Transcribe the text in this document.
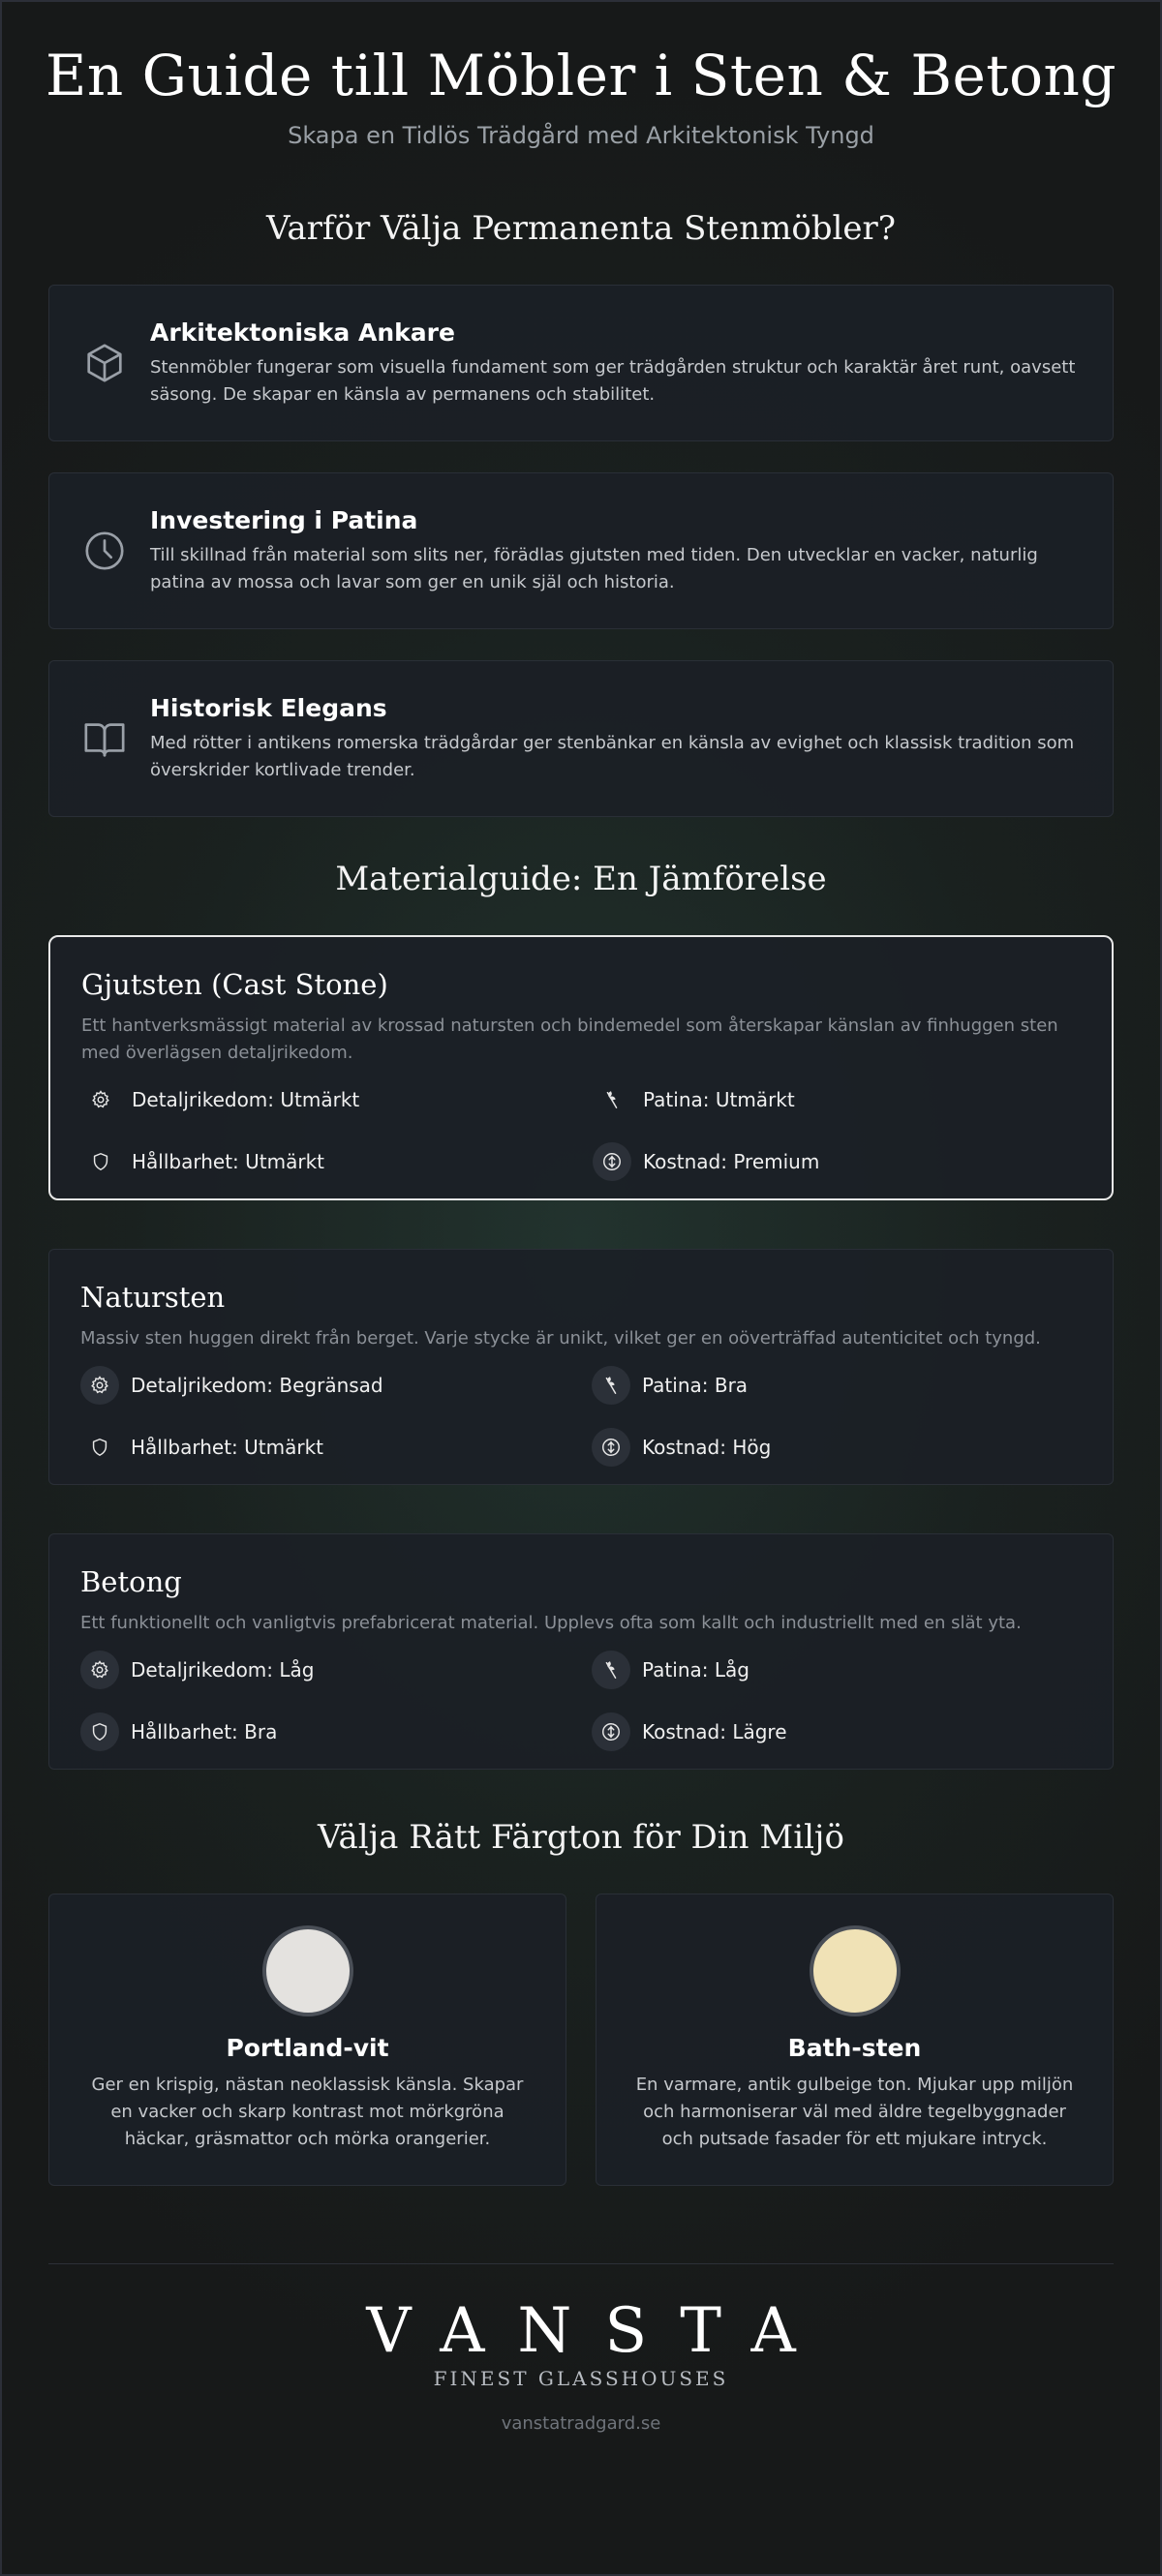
En Guide till Möbler i Sten & Betong
Skapa en Tidlös Trädgård med Arkitektonisk Tyngd
Varför Välja Permanenta Stenmöbler?
Arkitektoniska Ankare

Stenmöbler fungerar som visuella fundament som ger trädgården struktur och karaktär året runt, oavsett säsong. De skapar en känsla av permanens och stabilitet.

Investering i Patina

Till skillnad från material som slits ner, förädlas gjutsten med tiden. Den utvecklar en vacker, naturlig patina av mossa och lavar som ger en unik själ och historia.

Historisk Elegans

Med rötter i antikens romerska trädgårdar ger stenbänkar en känsla av evighet och klassisk tradition som överskrider kortlivade trender.

Materialguide: En Jämförelse
Gjutsten (Cast Stone)

Ett hantverksmässigt material av krossad natursten och bindemedel som återskapar känslan av finhuggen sten med överlägsen detaljrikedom.

Detaljrikedom: Utmärkt	Patina: Utmärkt
Hållbarhet: Utmärkt	Kostnad: Premium
Natursten

Massiv sten huggen direkt från berget. Varje stycke är unikt, vilket ger en oöverträffad autenticitet och tyngd.

Detaljrikedom: Begränsad	Patina: Bra
Hållbarhet: Utmärkt	Kostnad: Hög
Betong

Ett funktionellt och vanligtvis prefabricerat material. Upplevs ofta som kallt och industriellt med en slät yta.

Detaljrikedom: Låg	Patina: Låg
Hållbarhet: Bra	Kostnad: Lägre
Välja Rätt Färgton för Din Miljö
Portland-vit

Ger en krispig, nästan neoklassisk känsla. Skapar en vacker och skarp kontrast mot mörkgröna häckar, gräsmattor och mörka orangerier.

Bath-sten

En varmare, antik gulbeige ton. Mjukar upp miljön och harmoniserar väl med äldre tegelbyggnader och putsade fasader för ett mjukare intryck.

VANSTA
FINEST GLASSHOUSES
vanstatradgard.se
